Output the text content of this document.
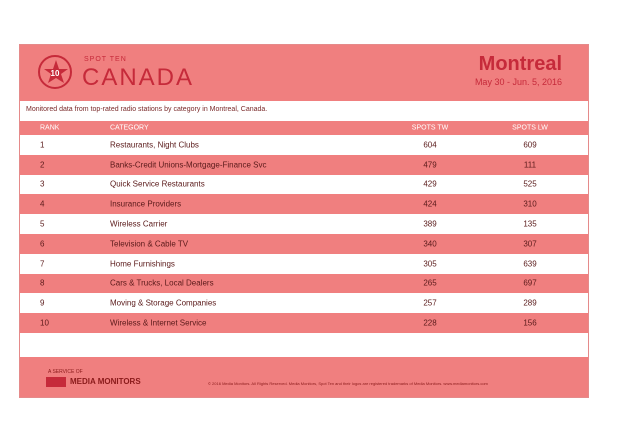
10
SPOT TEN
CANADA	Montreal
May 30 - Jun. 5, 2016
Monitored data from top-rated radio stations by category in Montreal, Canada.
RANK	CATEGORY	SPOTS TW	SPOTS LW
1	Restaurants, Night Clubs	604	609
2	Banks-Credit Unions-Mortgage-Finance Svc	479	111
3	Quick Service Restaurants	429	525
4	Insurance Providers	424	310
5	Wireless Carrier	389	135
6	Television & Cable TV	340	307
7	Home Furnishings	305	639
8	Cars & Trucks, Local Dealers	265	697
9	Moving & Storage Companies	257	289
10	Wireless & Internet Service	228	156
A SERVICE OF
MEDIA MONITORS	© 2016 Media Monitors. All Rights Reserved. Media Monitors, Spot Ten and their logos are registered trademarks of Media Monitors. www.mediamonitors.com
